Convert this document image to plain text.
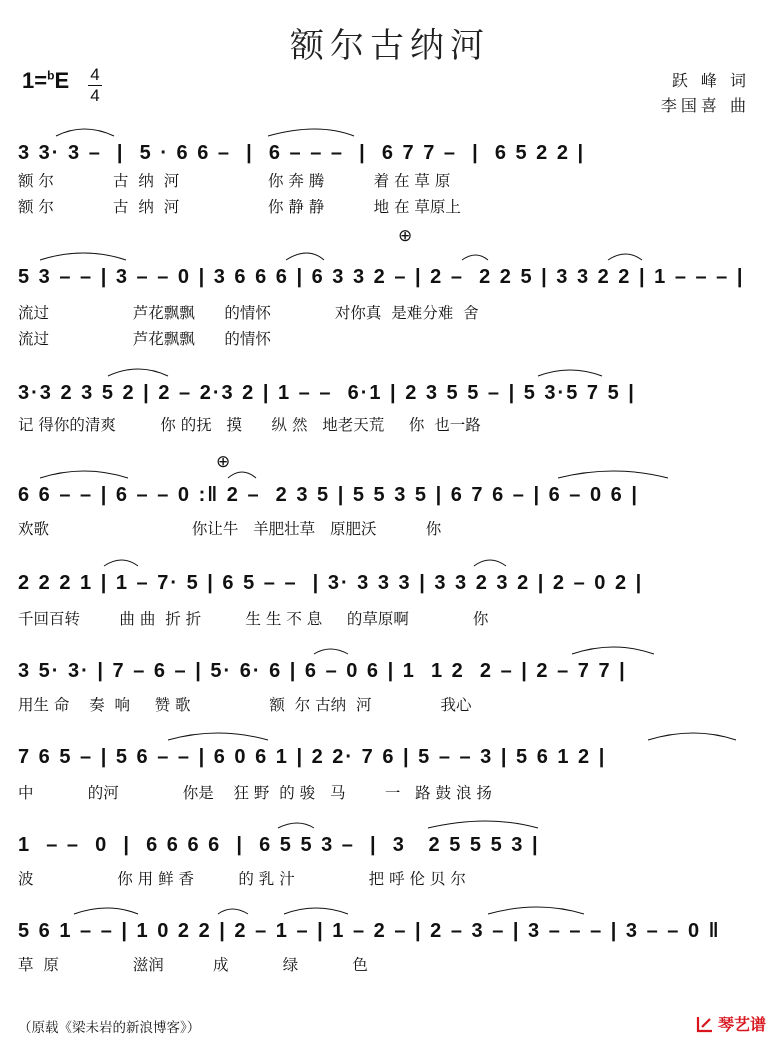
额尔古纳河
1=$^b$E 4
4
跃 峰 词
李国喜 曲
3 3· 3 –  |  5 · 6 6 –  |  6 – – –  |  6 7 7 –  |  6 5 2 2 |
额 尔            古  纳  河                  你 奔 腾          着 在 草 原
额 尔            古  纳  河                  你 静 静          地 在 草原上
⊕
5 3 – – | 3 – – 0 | 3 6 6 6 | 6 3 3 2 – | 2 –  2 2 5 | 3 3 2 2 | 1 – – – |
流过                 芦花飘飘      的情怀             对你真  是难分难  舍
流过                 芦花飘飘      的情怀
3·3 2 3 5 2 | 2 – 2·3 2 | 1 – –  6·1 | 2 3 5 5 – | 5 3·5 7 5 |
记 得你的清爽         你 的抚   摸      纵 然   地老天荒     你  也一路
⊕
6 6 – – | 6 – – 0 :‖ 2 –  2 3 5 | 5 5 3 5 | 6 7 6 – | 6 – 0 6 |
欢歌                             你让牛   羊肥壮草   原肥沃          你
2 2 2 1 | 1 – 7· 5 | 6 5 – –  | 3· 3 3 3 | 3 3 2 3 2 | 2 – 0 2 |
千回百转        曲 曲  折 折         生 生 不 息     的草原啊             你
3 5· 3· | 7 – 6 – | 5· 6· 6 | 6 – 0 6 | 1  1 2  2 – | 2 – 7 7 |
用生 命    奏  响     赞 歌                额  尔 古纳  河              我心
7 6 5 – | 5 6 – – | 6 0 6 1 | 2 2· 7 6 | 5 – – 3 | 5 6 1 2 |
中           的河             你是    狂 野  的 骏   马        一   路 鼓 浪 扬
1  – –  0  |  6 6 6 6  |  6 5 5 3 –  |  3   2 5 5 5 3 |
波                 你 用 鲜 香         的 乳 汁               把 呼 伦 贝 尔
5 6 1 – – | 1 0 2 2 | 2 – 1 – | 1 – 2 – | 2 – 3 – | 3 – – – | 3 – – 0 ‖
草  原               滋润          成           绿           色
（原载《梁未岩的新浪博客》）	琴艺谱
